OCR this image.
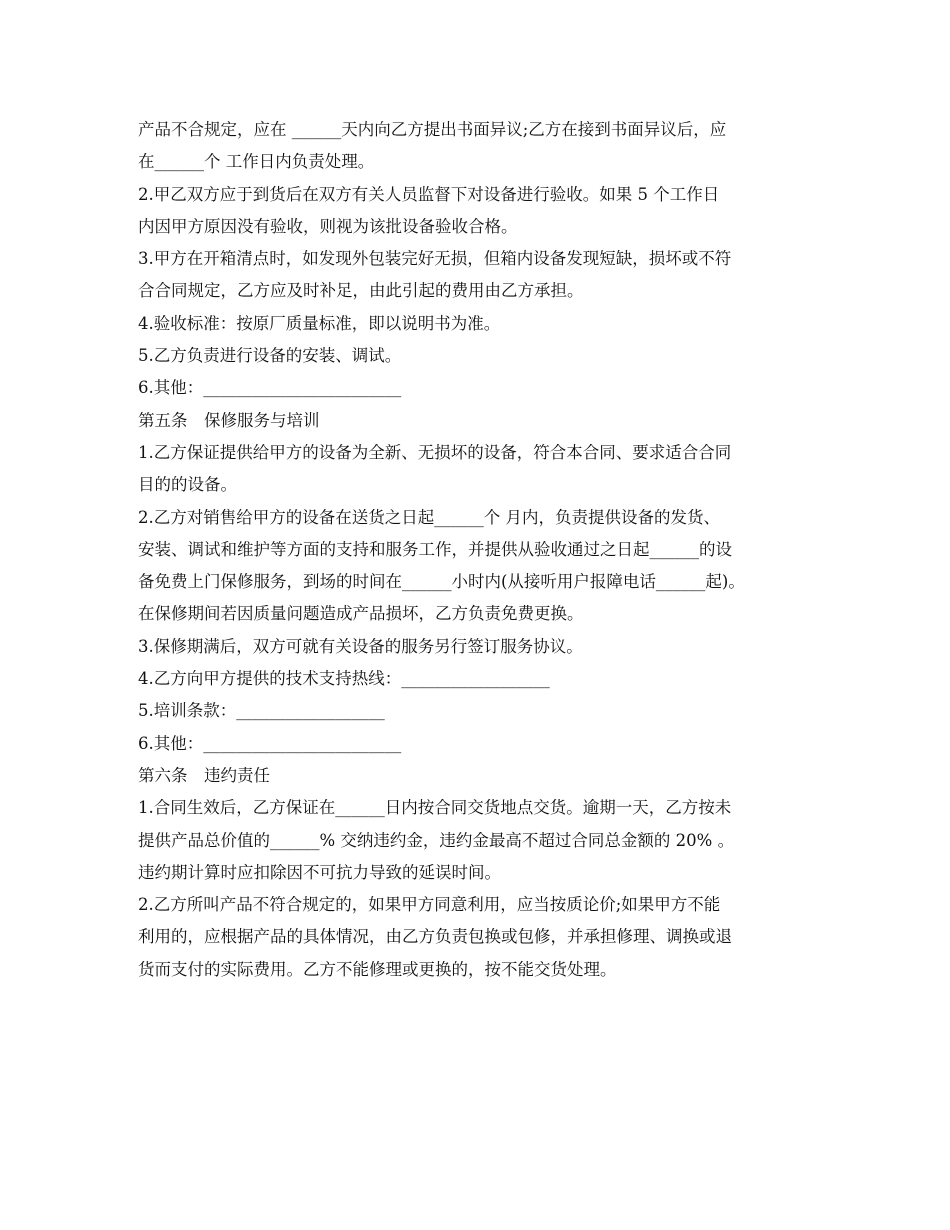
产品不合规定，应在 ______天内向乙方提出书面异议;乙方在接到书面异议后，应
在______个 工作日内负责处理。
2.甲乙双方应于到货后在双方有关人员监督下对设备进行验收。如果 5 个工作日
内因甲方原因没有验收，则视为该批设备验收合格。
3.甲方在开箱清点时，如发现外包装完好无损，但箱内设备发现短缺，损坏或不符
合合同规定，乙方应及时补足，由此引起的费用由乙方承担。
4.验收标准：按原厂质量标准，即以说明书为准。
5.乙方负责进行设备的安装、调试。
6.其他：________________________
第五条　保修服务与培训
1.乙方保证提供给甲方的设备为全新、无损坏的设备，符合本合同、要求适合合同
目的的设备。
2.乙方对销售给甲方的设备在送货之日起______个 月内，负责提供设备的发货、
安装、调试和维护等方面的支持和服务工作，并提供从验收通过之日起______的设
备免费上门保修服务，到场的时间在______小时内(从接听用户报障电话______起)。
在保修期间若因质量问题造成产品损坏，乙方负责免费更换。
3.保修期满后，双方可就有关设备的服务另行签订服务协议。
4.乙方向甲方提供的技术支持热线：__________________
5.培训条款：__________________
6.其他：________________________
第六条　违约责任
1.合同生效后，乙方保证在______日内按合同交货地点交货。逾期一天，乙方按未
提供产品总价值的______% 交纳违约金，违约金最高不超过合同总金额的 20% 。
违约期计算时应扣除因不可抗力导致的延误时间。
2.乙方所叫产品不符合规定的，如果甲方同意利用，应当按质论价;如果甲方不能
利用的，应根据产品的具体情况，由乙方负责包换或包修，并承担修理、调换或退
货而支付的实际费用。乙方不能修理或更换的，按不能交货处理。
